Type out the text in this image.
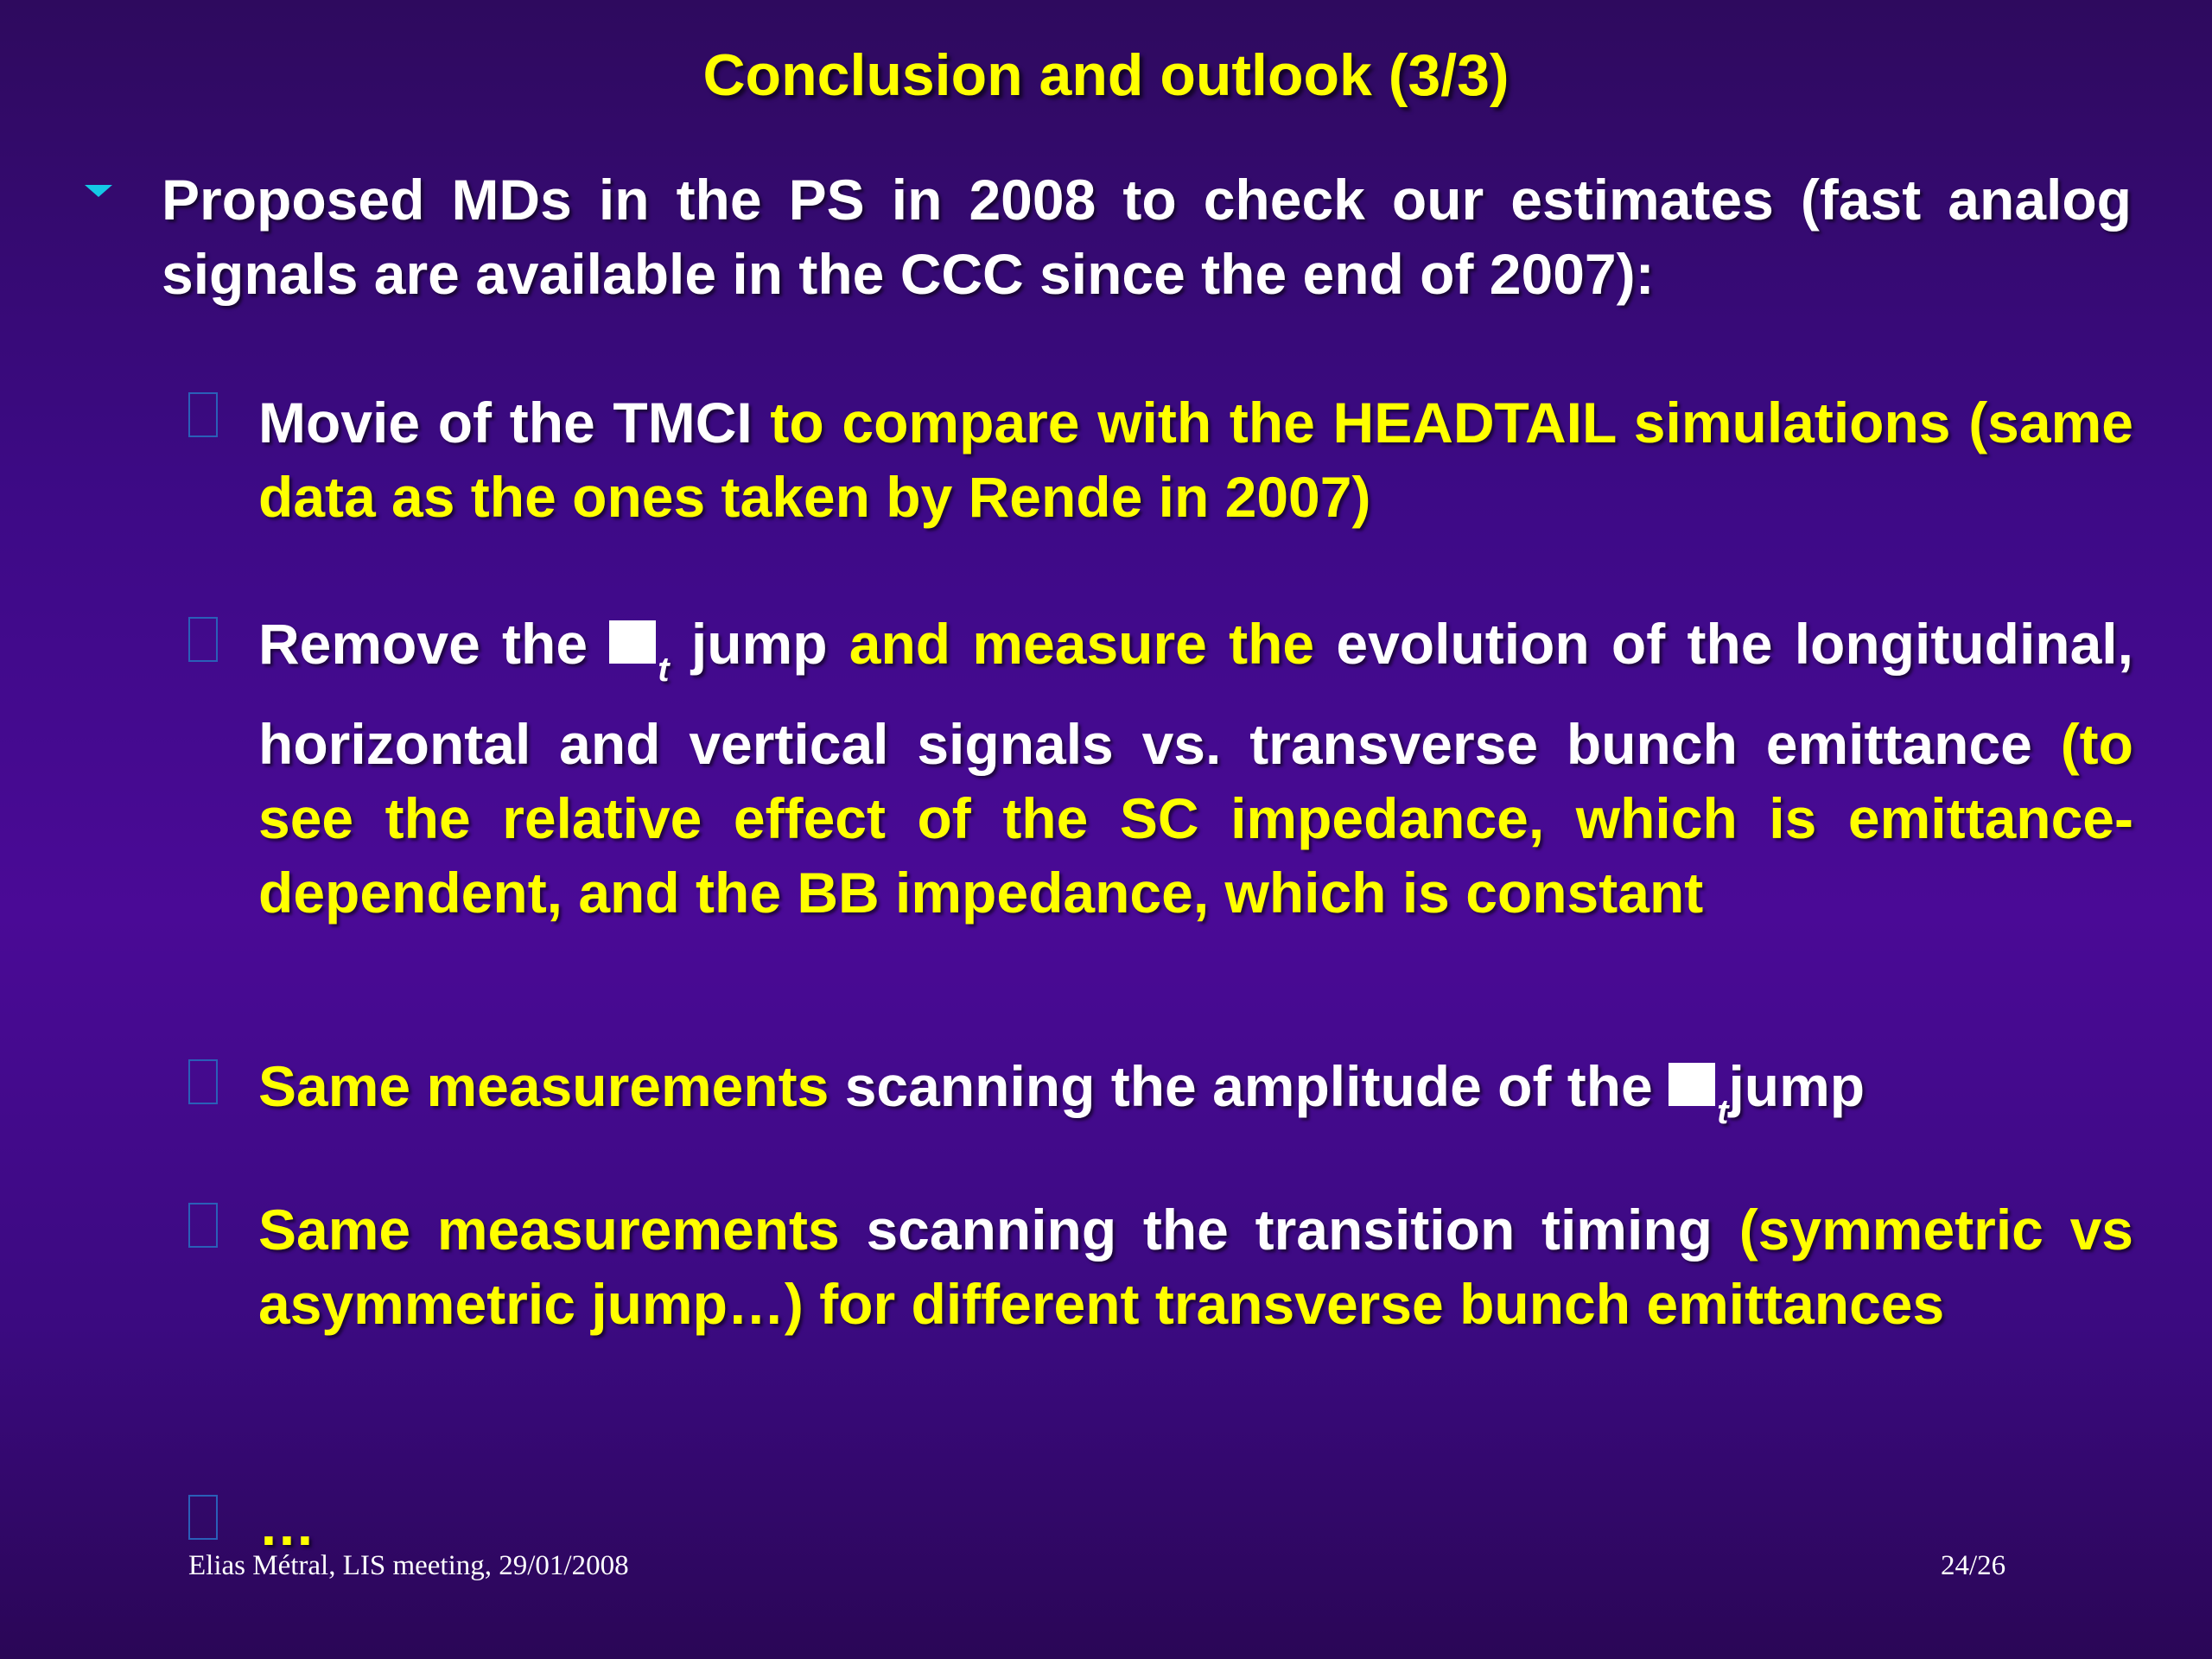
Conclusion and outlook (3/3)
Proposed MDs in the PS in 2008 to check our estimates (fast analog signals are available in the CCC since the end of 2007):
Movie of the TMCI to compare with the HEADTAIL simulations (same data as the ones taken by Rende in 2007)
Remove the $_t$ jump and measure the evolution of the longitudinal, horizontal and vertical signals vs. transverse bunch emittance (to see the relative effect of the SC impedance, which is emittance-dependent, and the BB impedance, which is constant
Same measurements scanning the amplitude of the $_t$jump
Same measurements scanning the transition timing (symmetric vs asymmetric jump…) for different transverse bunch emittances
…
Elias Métral, LIS meeting, 29/01/2008	24/26
